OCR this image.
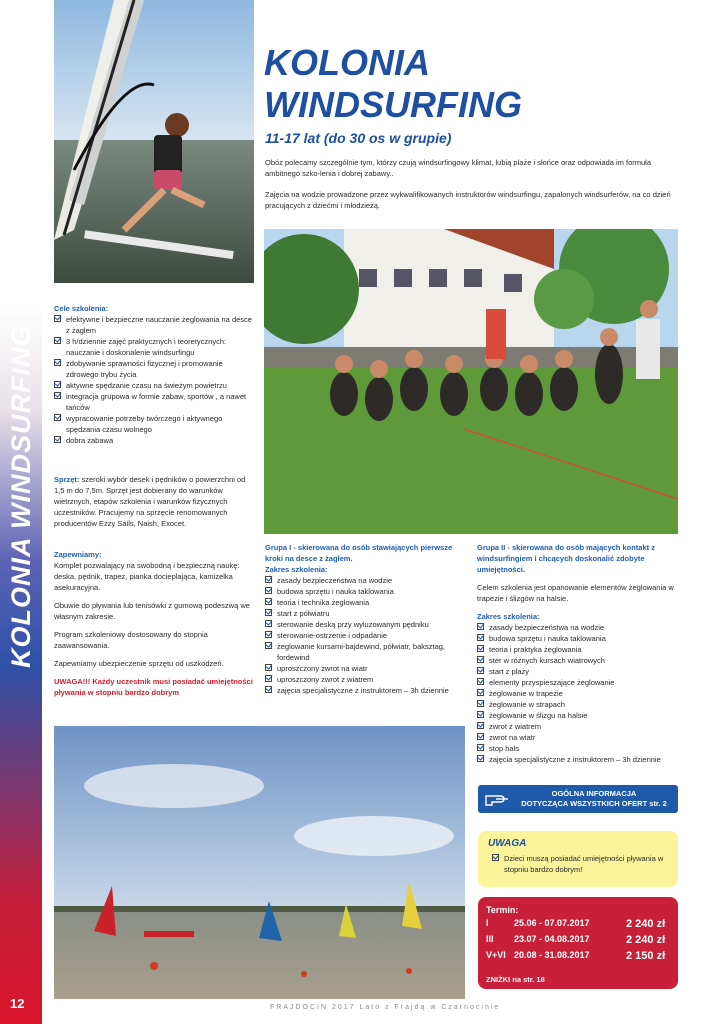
KOLONIA WINDSURFING
12
KOLONIA
WINDSURFING
11-17 lat (do 30 os w grupie)
Obóz polecamy szczególnie tym, którzy czują windsurfingowy klimat, lubią plaże i słońce oraz odpowiada im formuła ambitnego szko-lenia i dobrej zabawy..
Zajęcia na wodzie prowadzone przez wykwalifikowanych instruktorów windsurfingu, zapalonych windsurferów, na co dzień pracujących z dziećmi i młodzieżą.
Cele szkolenia:
efektywne i bezpieczne nauczanie żeglowania na desce z żaglem
3 h/dziennie zajęć praktycznych i teoretycznych: nauczanie i doskonalenie windsurfingu
zdobywanie sprawności fizycznej i promowanie zdrowego trybu życia
aktywne spędzanie czasu na świeżym powietrzu
integracja grupowa w formie zabaw, sportów , a nawet tańców
wypracowanie potrzeby twórczego i aktywnego spędzania czasu wolnego
dobra zabawa
Sprzęt: szeroki wybór desek i pędników o powierzchni od 1,5 m do 7,5m. Sprzęt jest dobierany do warunków wietrznych, etapów szkolenia i warunków fizycznych uczestników. Pracujemy na sprzęcie renomowanych producentów Ezzy Sails, Naish, Exocet.
Zapewniamy:
Komplet pozwalający na swobodną i bezpieczną naukę: deska, pędnik, trapez, pianka docieplająca, kamizelka asekuracyjna.
Obuwie do pływania lub tenisówki z gumową podeszwą we własnym zakresie.
Program szkoleniowy dostosowany do stopnia zaawansowania.
Zapewniamy ubezpieczenie sprzętu od uszkodzeń.
UWAGA!!! Każdy uczestnik musi posiadać umiejętności pływania w stopniu bardzo dobrym
Grupa I - skierowana do osób stawiających pierwsze kroki na desce z żaglem.
Zakres szkolenia:
zasady bezpieczeństwa na wodzie
budowa sprzętu i nauka taklowania
teoria i technika żeglowania
start z półwiatru
sterowanie deską przy wyluzowanym pędniku
sterowanie-ostrzenie i odpadanie
żeglowanie kursami-bajdewind, półwiatr, baksztag, fordewind
uproszczony zwrot na wiatr
uproszczony zwrot z wiatrem
zajęcia specjalistyczne z instruktorem – 3h dziennie
Grupa II - skierowana do osób mających kontakt z windsurfingiem i chcących doskonalić zdobyte umiejętności.
Celem szkolenia jest opanowanie elementów żeglowania w trapezie i ślizgów na halsie.
Zakres szkolenia:
zasady bezpieczeństwa na wodzie
budowa sprzętu i nauka taklowania
teoria i praktyka żeglowania
ster w różnych kursach wiatrowych
start z plaży
elementy przyspieszające żeglowanie
żeglowanie w trapezie
żeglowanie w strapach
żeglowanie w ślizgu na halsie
zwrot z wiatrem
zwrot na wiatr
stop hals
zajęcia specjalistyczne z instruktorem – 3h dziennie
OGÓLNA INFORMACJA
DOTYCZĄCA WSZYSTKICH OFERT str. 2
UWAGA
Dzieci muszą posiadać umiejętności pływania w stopniu bardzo dobrym!
Termin:
I	25.06 - 07.07.2017	2 240 zł
III 23.07 - 04.08.2017	2 240 zł
V+VI 20.08 - 31.08.2017	2 150 zł
ZNIŻKI na str. 18
FRAJDOCIN 2017 Lato z Frajdą w Czarnocinie
